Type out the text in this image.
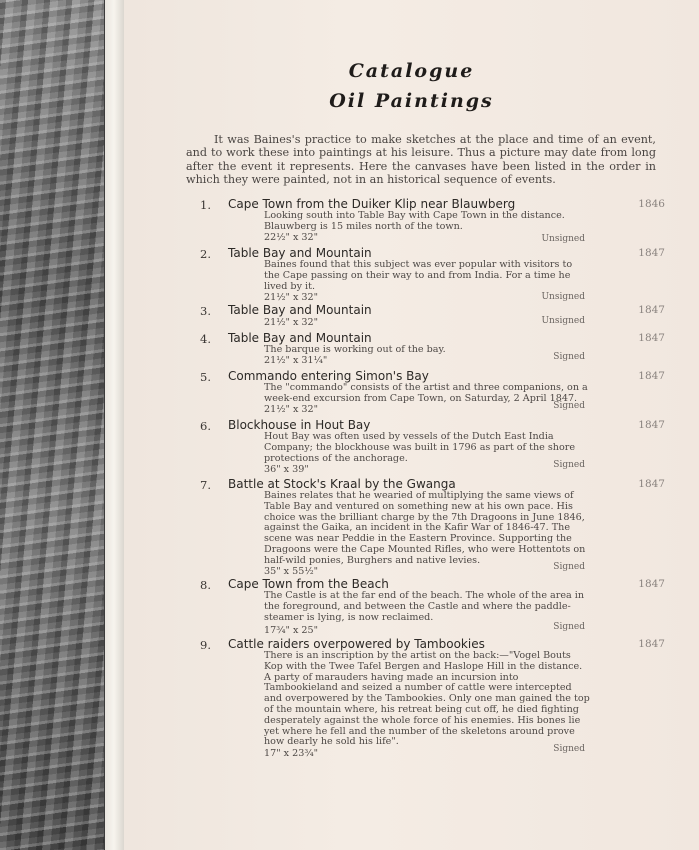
Catalogue
Oil Paintings

It was Baines's practice to make sketches at the place and time of an event, and to work these into paintings at his leisure. Thus a picture may date from long after the event it represents. Here the canvases have been listed in the order in which they were painted, not in an historical sequence of events.

1. Cape Town from the Duiker Klip near Blauwberg	1846
Looking south into Table Bay with Cape Town in the distance. Blauwberg is 15 miles north of the town.
22½" x 32"	Unsigned
2. Table Bay and Mountain	1847
Baines found that this subject was ever popular with visitors to the Cape passing on their way to and from India. For a time he lived by it.
21½" x 32"	Unsigned
3. Table Bay and Mountain	1847
21½" x 32"	Unsigned
4. Table Bay and Mountain	1847
The barque is working out of the bay.
21½" x 31¼"	Signed
5. Commando entering Simon's Bay	1847
The "commando" consists of the artist and three companions, on a week-end excursion from Cape Town, on Saturday, 2 April 1847.
21½" x 32"	Signed
6. Blockhouse in Hout Bay	1847
Hout Bay was often used by vessels of the Dutch East India Company; the blockhouse was built in 1796 as part of the shore protections of the anchorage.
36" x 39"	Signed
7. Battle at Stock's Kraal by the Gwanga	1847
Baines relates that he wearied of multiplying the same views of Table Bay and ventured on something new at his own pace. His choice was the brilliant charge by the 7th Dragoons in June 1846, against the Gaika, an incident in the Kafir War of 1846-47. The scene was near Peddie in the Eastern Province. Supporting the Dragoons were the Cape Mounted Rifles, who were Hottentots on half-wild ponies, Burghers and native levies.
35" x 55½"	Signed
8. Cape Town from the Beach	1847
The Castle is at the far end of the beach. The whole of the area in the foreground, and between the Castle and where the paddle-steamer is lying, is now reclaimed.
17¾" x 25"	Signed
9. Cattle raiders overpowered by Tambookies	1847
There is an inscription by the artist on the back:—"Vogel Bouts Kop with the Twee Tafel Bergen and Haslope Hill in the distance. A party of marauders having made an incursion into Tambookieland and seized a number of cattle were intercepted and overpowered by the Tambookies. Only one man gained the top of the mountain where, his retreat being cut off, he died fighting desperately against the whole force of his enemies. His bones lie yet where he fell and the number of the skeletons around prove how dearly he sold his life".
17" x 23¾"	Signed
